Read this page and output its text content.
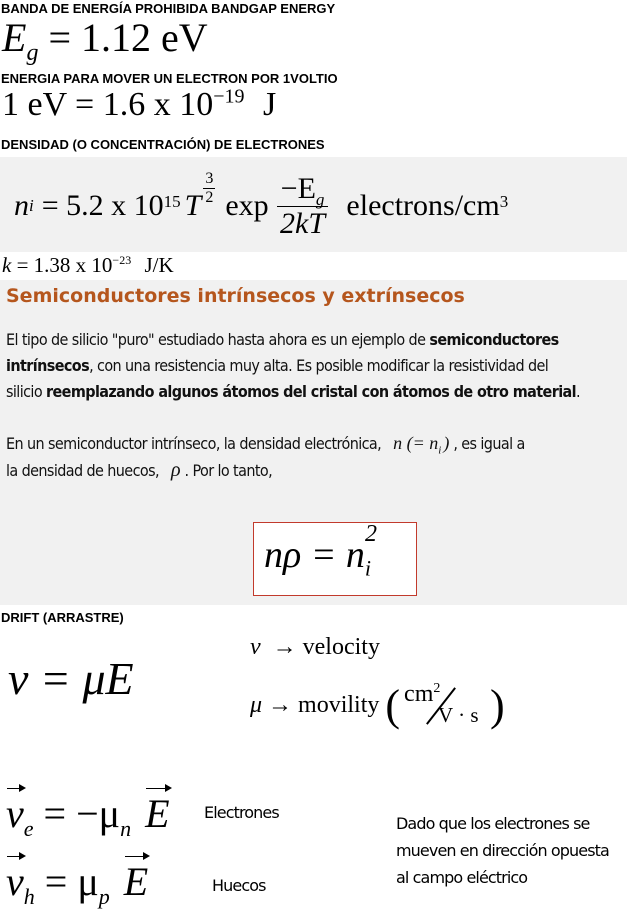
BANDA DE ENERGÍA PROHIBIDA BANDGAP ENERGY
$E_g = 1.12$ eV
ENERGIA PARA MOVER UN ELECTRON POR 1VOLTIO
1 eV = 1.6 x $10^{-19}$ J
DENSIDAD (O CONCENTRACIÓN) DE ELECTRONES
n i = 5.2 x $10^{15}$ T $\frac{3}{2}$ $\exp \frac{-E_g}{2kT}$ electrons/$cm^3$
k = 1.38 x $10^{-23}$ J/K
Semiconductores intrínsecos y extrínsecos
El tipo de silicio "puro" estudiado hasta ahora es un ejemplo de semiconductores
intrínsecos, con una resistencia muy alta. Es posible modificar la resistividad del
silicio reemplazando algunos átomos del cristal con átomos de otro material.
En un semiconductor intrínseco, la densidad electrónica, n (= $n_i$ ) , es igual a
la densidad de huecos, ρ . Por lo tanto,
$n\rho = n_i^2$
DRIFT (ARRASTRE)
v = μE
v → velocity
μ → movility ( $cm^2$
V · s )
$v_e = -\mu_n$ E Electrones
$v_h = \mu_p$ E	Huecos
Dado que los electrones se
mueven en dirección opuesta
al campo eléctrico
